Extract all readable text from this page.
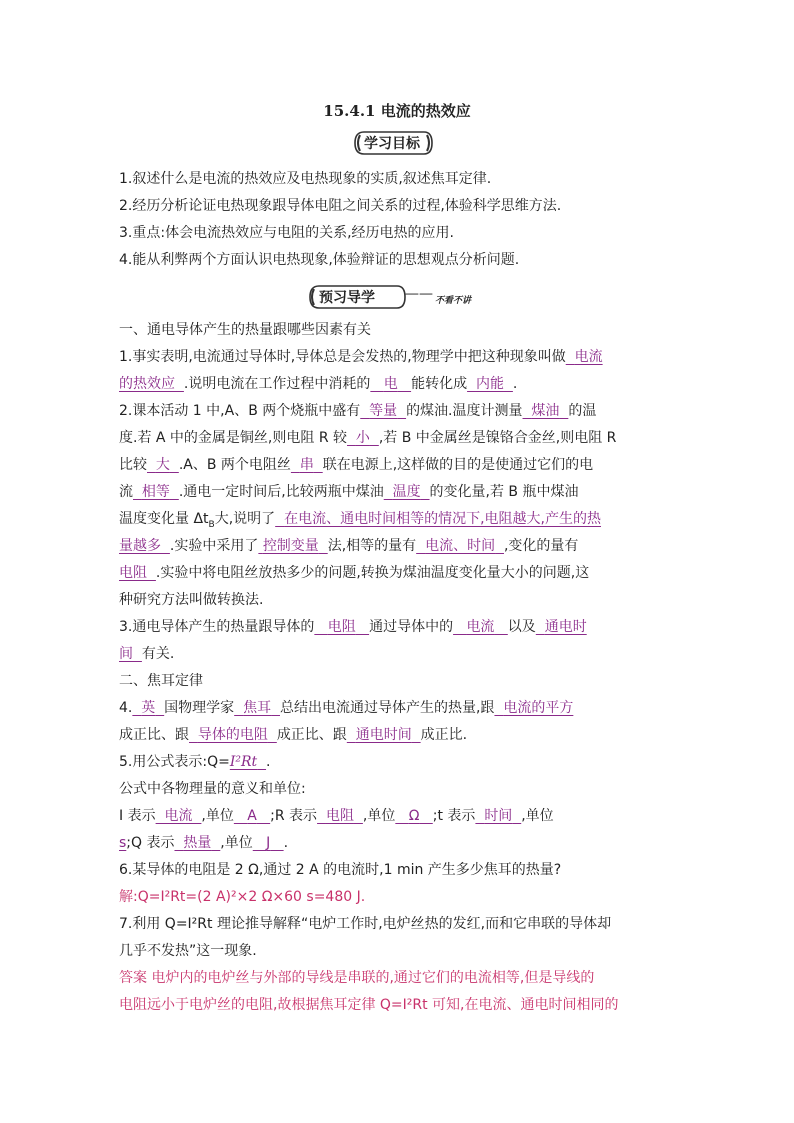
15.4.1 电流的热效应
学习目标
1.叙述什么是电流的热效应及电热现象的实质,叙述焦耳定律.
2.经历分析论证电热现象跟导体电阻之间关系的过程,体验科学思维方法.
3.重点:体会电流热效应与电阻的关系,经历电热的应用.
4.能从利弊两个方面认识电热现象,体验辩证的思想观点分析问题.
预习导学 —— 不看不讲
一、通电导体产生的热量跟哪些因素有关
1.事实表明,电流通过导体时,导体总是会发热的,物理学中把这种现象叫做 电流
的热效应 .说明电流在工作过程中消耗的 电 能转化成 内能 .
2.课本活动 1 中,A、B 两个烧瓶中盛有 等量 的煤油.温度计测量 煤油 的温
度.若 A 中的金属是铜丝,则电阻 R 较 小 ,若 B 中金属丝是镍铬合金丝,则电阻 R
比较 大 .A、B 两个电阻丝 串 联在电源上,这样做的目的是使通过它们的电
流 相等 .通电一定时间后,比较两瓶中煤油 温度 的变化量,若 B 瓶中煤油
温度变化量 $\Delta t_B$大,说明了 在电流、通电时间相等的情况下,电阻越大,产生的热
量越多 .实验中采用了 控制变量 法,相等的量有 电流、时间 ,变化的量有
电阻 .实验中将电阻丝放热多少的问题,转换为煤油温度变化量大小的问题,这
种研究方法叫做转换法.
3.通电导体产生的热量跟导体的 电阻 通过导体中的 电流 以及 通电时
间 有关.
二、焦耳定律
4. 英 国物理学家 焦耳 总结出电流通过导体产生的热量,跟 电流的平方
成正比、跟 导体的电阻 成正比、跟 通电时间 成正比.
5.用公式表示:Q=I²Rt .
公式中各物理量的意义和单位:
I 表示 电流 ,单位 A ;R 表示 电阻 ,单位 Ω ;t 表示 时间 ,单位
s;Q 表示 热量 ,单位 J .
6.某导体的电阻是 2 Ω,通过 2 A 的电流时,1 min 产生多少焦耳的热量?
解:Q=I²Rt=(2 A)²×2 Ω×60 s=480 J.
7.利用 Q=I²Rt 理论推导解释“电炉工作时,电炉丝热的发红,而和它串联的导体却
几乎不发热”这一现象.
答案 电炉内的电炉丝与外部的导线是串联的,通过它们的电流相等,但是导线的
电阻远小于电炉丝的电阻,故根据焦耳定律 Q=I²Rt 可知,在电流、通电时间相同的
